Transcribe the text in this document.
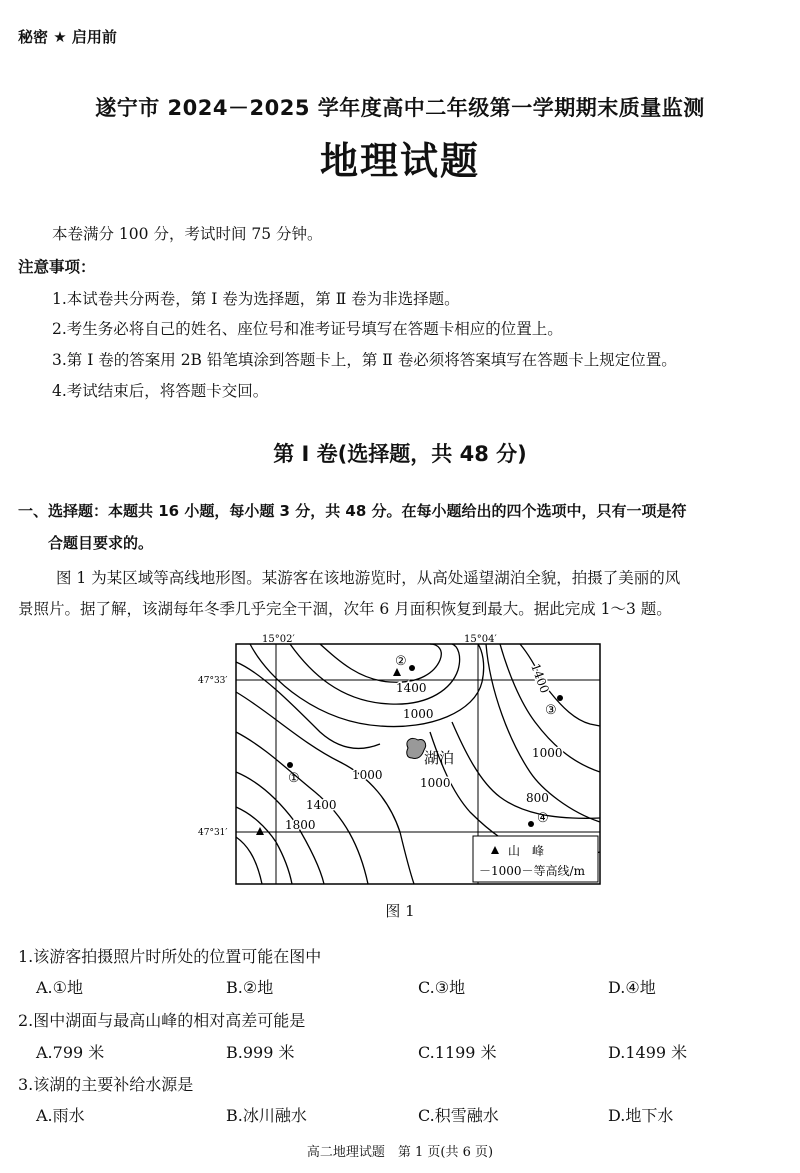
秘密 ★ 启用前
遂宁市 2024－2025 学年度高中二年级第一学期期末质量监测
地理试题
本卷满分 100 分，考试时间 75 分钟。
注意事项：
1.本试卷共分两卷，第 Ⅰ 卷为选择题，第 Ⅱ 卷为非选择题。
2.考生务必将自己的姓名、座位号和准考证号填写在答题卡相应的位置上。
3.第 Ⅰ 卷的答案用 2B 铅笔填涂到答题卡上，第 Ⅱ 卷必须将答案填写在答题卡上规定位置。
4.考试结束后，将答题卡交回。
第 Ⅰ 卷(选择题，共 48 分)
一、选择题：本题共 16 小题，每小题 3 分，共 48 分。在每小题给出的四个选项中，只有一项是符
合题目要求的。
图 1 为某区域等高线地形图。某游客在该地游览时，从高处遥望湖泊全貌，拍摄了美丽的风
景照片。据了解，该湖每年冬季几乎完全干涸，次年 6 月面积恢复到最大。据此完成 1～3 题。
15°02′	15°04′
47°33′
47°31′
湖泊
1400
1000
1400
1000
1000
1400
1800
1000
800
①
②
③
④
山　峰
－1000－等高线/m
图 1
1.该游客拍摄照片时所处的位置可能在图中
A.①地	B.②地	C.③地	D.④地
2.图中湖面与最高山峰的相对高差可能是
A.799 米	B.999 米	C.1199 米	D.1499 米
3.该湖的主要补给水源是
A.雨水	B.冰川融水	C.积雪融水	D.地下水
高二地理试题　第 1 页(共 6 页)
